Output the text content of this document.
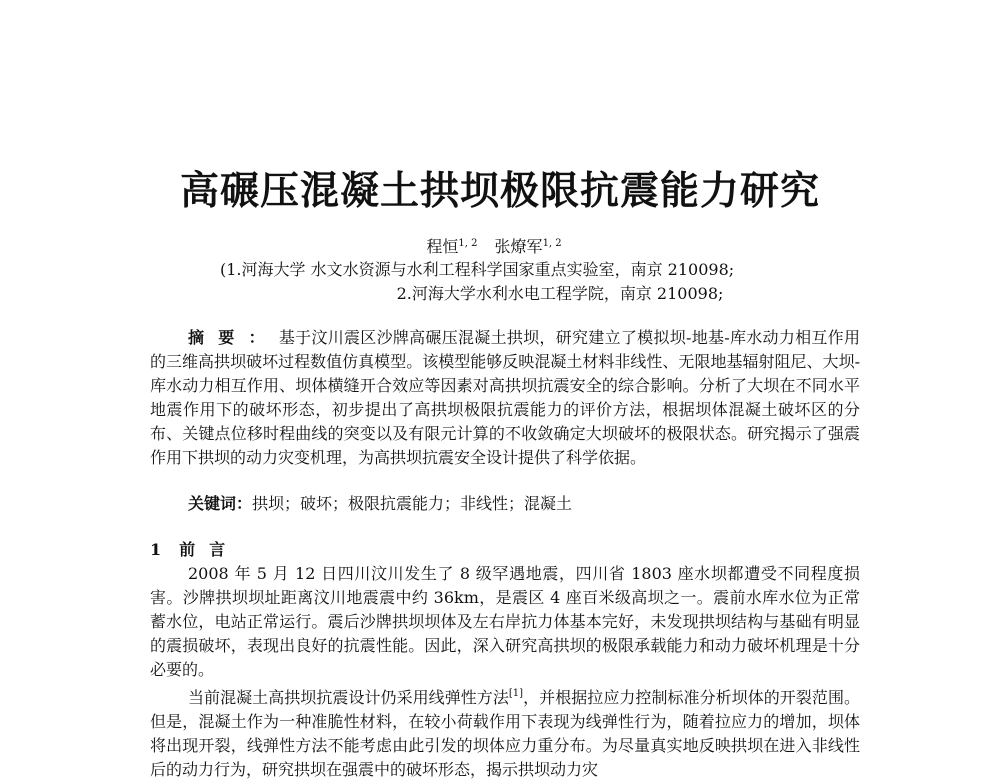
高碾压混凝土拱坝极限抗震能力研究
程恒$^{1, 2}$ 张燎军$^{1, 2}$
(1.河海大学 水文水资源与水利工程科学国家重点实验室，南京 210098;
2.河海大学水利水电工程学院，南京 210098;
摘要：基于汶川震区沙牌高碾压混凝土拱坝，研究建立了模拟坝-地基-库水动力相互作用的三维高拱坝破坏过程数值仿真模型。该模型能够反映混凝土材料非线性、无限地基辐射阻尼、大坝-库水动力相互作用、坝体横缝开合效应等因素对高拱坝抗震安全的综合影响。分析了大坝在不同水平地震作用下的破坏形态，初步提出了高拱坝极限抗震能力的评价方法，根据坝体混凝土破坏区的分布、关键点位移时程曲线的突变以及有限元计算的不收敛确定大坝破坏的极限状态。研究揭示了强震作用下拱坝的动力灾变机理，为高拱坝抗震安全设计提供了科学依据。
关键词：拱坝；破坏；极限抗震能力；非线性；混凝土
1 前言
2008 年 5 月 12 日四川汶川发生了 8 级罕遇地震，四川省 1803 座水坝都遭受不同程度损害。沙牌拱坝坝址距离汶川地震震中约 36km，是震区 4 座百米级高坝之一。震前水库水位为正常蓄水位，电站正常运行。震后沙牌拱坝坝体及左右岸抗力体基本完好，未发现拱坝结构与基础有明显的震损破坏，表现出良好的抗震性能。因此，深入研究高拱坝的极限承载能力和动力破坏机理是十分必要的。
当前混凝土高拱坝抗震设计仍采用线弹性方法[1]，并根据拉应力控制标准分析坝体的开裂范围。但是，混凝土作为一种准脆性材料，在较小荷载作用下表现为线弹性行为，随着拉应力的增加，坝体将出现开裂，线弹性方法不能考虑由此引发的坝体应力重分布。为尽量真实地反映拱坝在进入非线性后的动力行为，研究拱坝在强震中的破坏形态，揭示拱坝动力灾
